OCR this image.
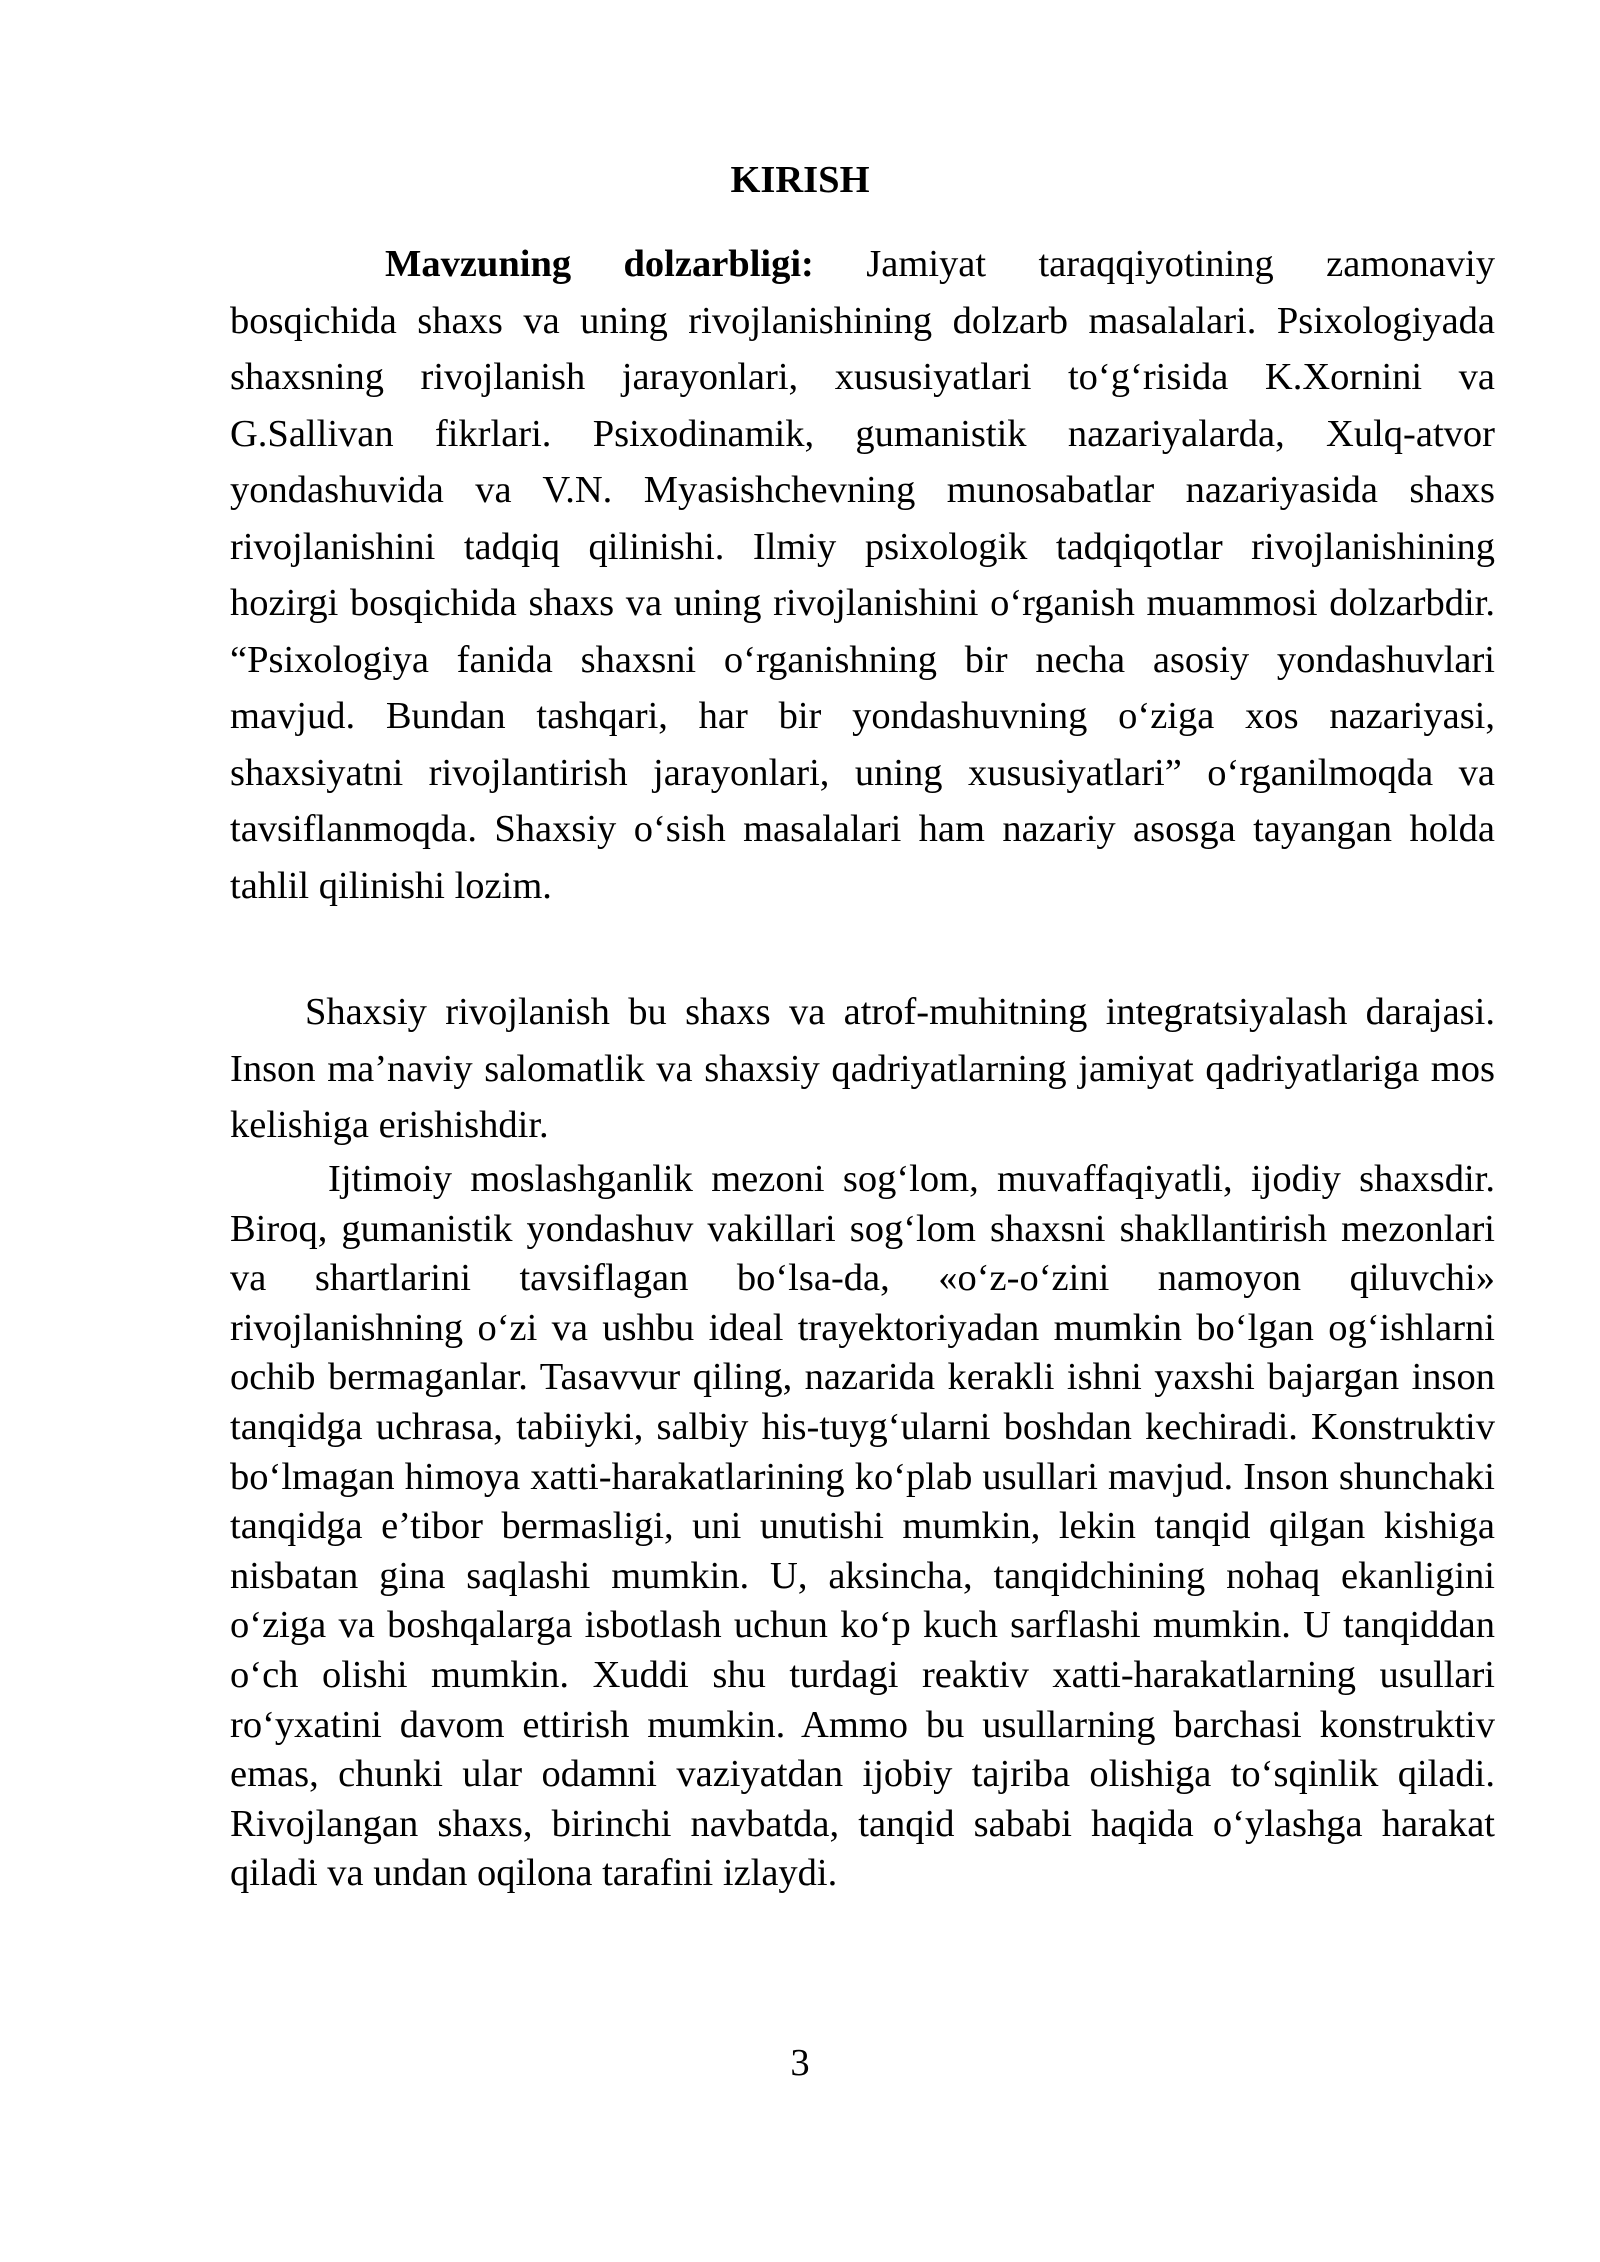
KIRISH

Mavzuning dolzarbligi: Jamiyat taraqqiyotining zamonaviy bosqichida shaxs va uning rivojlanishining dolzarb masalalari. Psixologiyada shaxsning rivojlanish jarayonlari, xususiyatlari to‘g‘risida K.Xornini va G.Sallivan fikrlari. Psixodinamik, gumanistik nazariyalarda, Xulq-atvor yondashuvida va V.N. Myasishchevning munosabatlar nazariyasida shaxs rivojlanishini tadqiq qilinishi. Ilmiy psixologik tadqiqotlar rivojlanishining hozirgi bosqichida shaxs va uning rivojlanishini o‘rganish muammosi dolzarbdir. “Psixologiya fanida shaxsni o‘rganishning bir necha asosiy yondashuvlari mavjud. Bundan tashqari, har bir yondashuvning o‘ziga xos nazariyasi, shaxsiyatni rivojlantirish jarayonlari, uning xususiyatlari” o‘rganilmoqda va tavsiflanmoqda. Shaxsiy o‘sish masalalari ham nazariy asosga tayangan holda tahlil qilinishi lozim.

Shaxsiy rivojlanish bu shaxs va atrof-muhitning integratsiyalash darajasi. Inson ma’naviy salomatlik va shaxsiy qadriyatlarning jamiyat qadriyatlariga mos kelishiga erishishdir.

Ijtimoiy moslashganlik mezoni sog‘lom, muvaffaqiyatli, ijodiy shaxsdir. Biroq, gumanistik yondashuv vakillari sog‘lom shaxsni shakllantirish mezonlari va shartlarini tavsiflagan bo‘lsa-da, «o‘z-o‘zini namoyon qiluvchi» rivojlanishning o‘zi va ushbu ideal trayektoriyadan mumkin bo‘lgan og‘ishlarni ochib bermaganlar. Tasavvur qiling, nazarida kerakli ishni yaxshi bajargan inson tanqidga uchrasa, tabiiyki, salbiy his-tuyg‘ularni boshdan kechiradi. Konstruktiv bo‘lmagan himoya xatti-harakatlarining ko‘plab usullari mavjud. Inson shunchaki tanqidga e’tibor bermasligi, uni unutishi mumkin, lekin tanqid qilgan kishiga nisbatan gina saqlashi mumkin. U, aksincha, tanqidchining nohaq ekanligini o‘ziga va boshqalarga isbotlash uchun ko‘p kuch sarflashi mumkin. U tanqiddan o‘ch olishi mumkin. Xuddi shu turdagi reaktiv xatti-harakatlarning usullari ro‘yxatini davom ettirish mumkin. Ammo bu usullarning barchasi konstruktiv emas, chunki ular odamni vaziyatdan ijobiy tajriba olishiga to‘sqinlik qiladi. Rivojlangan shaxs, birinchi navbatda, tanqid sababi haqida o‘ylashga harakat qiladi va undan oqilona tarafini izlaydi.

3
